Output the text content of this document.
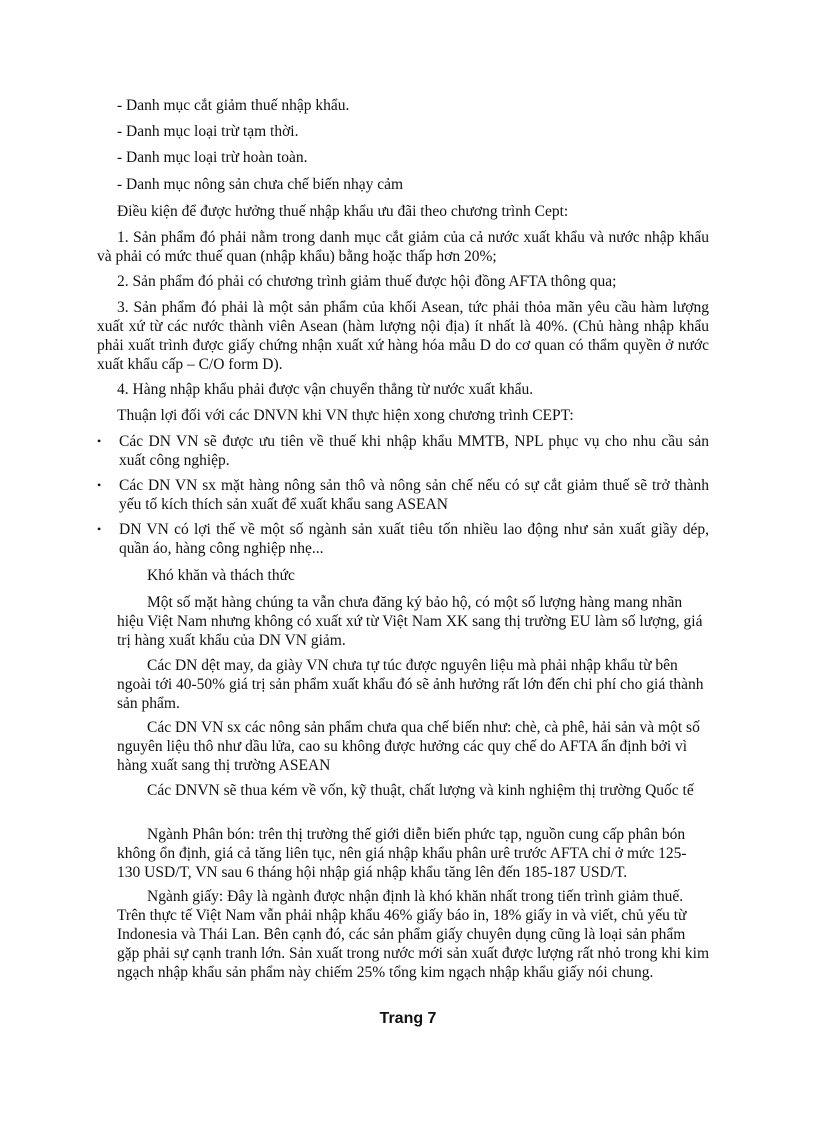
- Danh mục cắt giảm thuế nhập khẩu.
- Danh mục loại trừ tạm thời.
- Danh mục loại trừ hoàn toàn.
- Danh mục nông sản chưa chế biến nhạy cảm
Điều kiện để được hưởng thuế nhập khẩu ưu đãi theo chương trình Cept:
1. Sản phẩm đó phải nằm trong danh mục cắt giảm của cả nước xuất khẩu và nước nhập khẩu và phải có mức thuế quan (nhập khẩu) bằng hoặc thấp hơn 20%;
2. Sản phẩm đó phải có chương trình giảm thuế được hội đồng AFTA thông qua;
3. Sản phẩm đó phải là một sản phẩm của khối Asean, tức phải thỏa mãn yêu cầu hàm lượng xuất xứ từ các nước thành viên Asean (hàm lượng nội địa) ít nhất là 40%. (Chủ hàng nhập khẩu phải xuất trình được giấy chứng nhận xuất xứ hàng hóa mẫu D do cơ quan có thẩm quyền ở nước xuất khẩu cấp – C/O form D).
4. Hàng nhập khẩu phải được vận chuyển thẳng từ nước xuất khẩu.
Thuận lợi đối với các DNVN khi VN thực hiện xong chương trình CEPT:
• Các DN VN sẽ được ưu tiên về thuế khi nhập khẩu MMTB, NPL phục vụ cho nhu cầu sản xuất công nghiệp.
• Các DN VN sx mặt hàng nông sản thô và nông sản chế nếu có sự cắt giảm thuế sẽ trở thành yếu tố kích thích sản xuất để xuất khẩu sang ASEAN
• DN VN có lợi thế về một số ngành sản xuất tiêu tốn nhiều lao động như sản xuất giầy dép, quần áo, hàng công nghiệp nhẹ...
Khó khăn và thách thức
Một số mặt hàng chúng ta vẫn chưa đăng ký bảo hộ, có một số lượng hàng mang nhãn hiệu Việt Nam nhưng không có xuất xứ từ Việt Nam XK sang thị trường EU làm số lượng, giá trị hàng xuất khẩu của DN VN giảm.
Các DN dệt may, da giày VN chưa tự túc được nguyên liệu mà phải nhập khẩu từ bên ngoài tới 40-50% giá trị sản phẩm xuất khẩu đó sẽ ảnh hưởng rất lớn đến chi phí cho giá thành sản phẩm.
Các DN VN sx các nông sản phẩm chưa qua chế biến như: chè, cà phê, hải sản và một số nguyên liệu thô như dầu lửa, cao su không được hưởng các quy chế do AFTA ấn định bởi vì hàng xuất sang thị trường ASEAN
Các DNVN sẽ thua kém về vốn, kỹ thuật, chất lượng và kinh nghiệm thị trường Quốc tế
Ngành Phân bón: trên thị trường thế giới diễn biến phức tạp, nguồn cung cấp phân bón không ổn định, giá cả tăng liên tục, nên giá nhập khẩu phân urê trước AFTA chỉ ở mức 125-130 USD/T, VN sau 6 tháng hội nhập giá nhập khẩu tăng lên đến 185-187 USD/T.
Ngành giấy: Đây là ngành được nhận định là khó khăn nhất trong tiến trình giảm thuế. Trên thực tế Việt Nam vẫn phải nhập khẩu 46% giấy báo in, 18% giấy in và viết, chủ yếu từ Indonesia và Thái Lan. Bên cạnh đó, các sản phẩm giấy chuyên dụng cũng là loại sản phẩm gặp phải sự cạnh tranh lớn. Sản xuất trong nước mới sản xuất được lượng rất nhỏ trong khi kim ngạch nhập khẩu sản phẩm này chiếm 25% tổng kim ngạch nhập khẩu giấy nói chung.
Trang 7
